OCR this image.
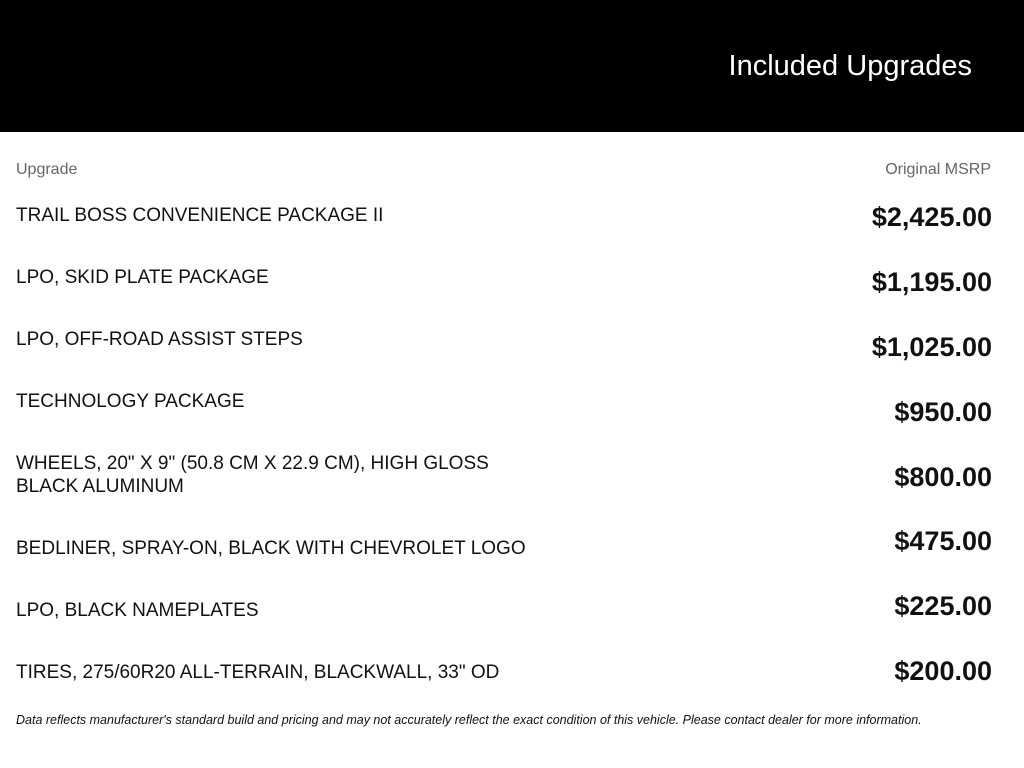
Included Upgrades
Upgrade	Original MSRP
TRAIL BOSS CONVENIENCE PACKAGE II	$2,425.00
LPO, SKID PLATE PACKAGE	$1,195.00
LPO, OFF-ROAD ASSIST STEPS	$1,025.00
TECHNOLOGY PACKAGE	$950.00
WHEELS, 20" X 9" (50.8 CM X 22.9 CM), HIGH GLOSS BLACK ALUMINUM	$800.00
BEDLINER, SPRAY-ON, BLACK WITH CHEVROLET LOGO	$475.00
LPO, BLACK NAMEPLATES	$225.00
TIRES, 275/60R20 ALL-TERRAIN, BLACKWALL, 33" OD	$200.00
Data reflects manufacturer's standard build and pricing and may not accurately reflect the exact condition of this vehicle. Please contact dealer for more information.
